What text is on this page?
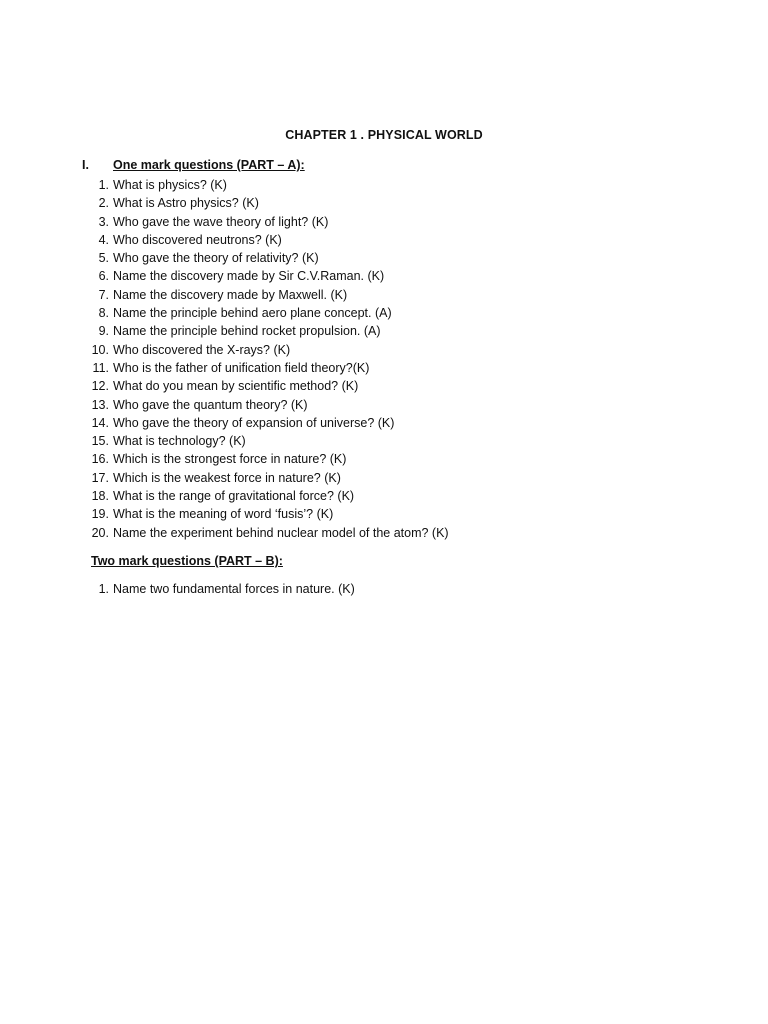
CHAPTER 1 . PHYSICAL WORLD
I. One mark questions (PART – A):
1. What is physics? (K)
2. What is Astro physics? (K)
3. Who gave the wave theory of light? (K)
4. Who discovered neutrons? (K)
5. Who gave the theory of relativity? (K)
6. Name the discovery made by Sir C.V.Raman. (K)
7. Name the discovery made by Maxwell. (K)
8. Name the principle behind aero plane concept. (A)
9. Name the principle behind rocket propulsion. (A)
10. Who discovered the X-rays? (K)
11. Who is the father of unification field theory?(K)
12. What do you mean by scientific method? (K)
13. Who gave the quantum theory? (K)
14. Who gave the theory of expansion of universe? (K)
15. What is technology? (K)
16. Which is the strongest force in nature? (K)
17. Which is the weakest force in nature? (K)
18. What is the range of gravitational force? (K)
19. What is the meaning of word ‘fusis’? (K)
20. Name the experiment behind nuclear model of the atom? (K)
Two mark questions (PART – B):
1. Name two fundamental forces in nature. (K)
